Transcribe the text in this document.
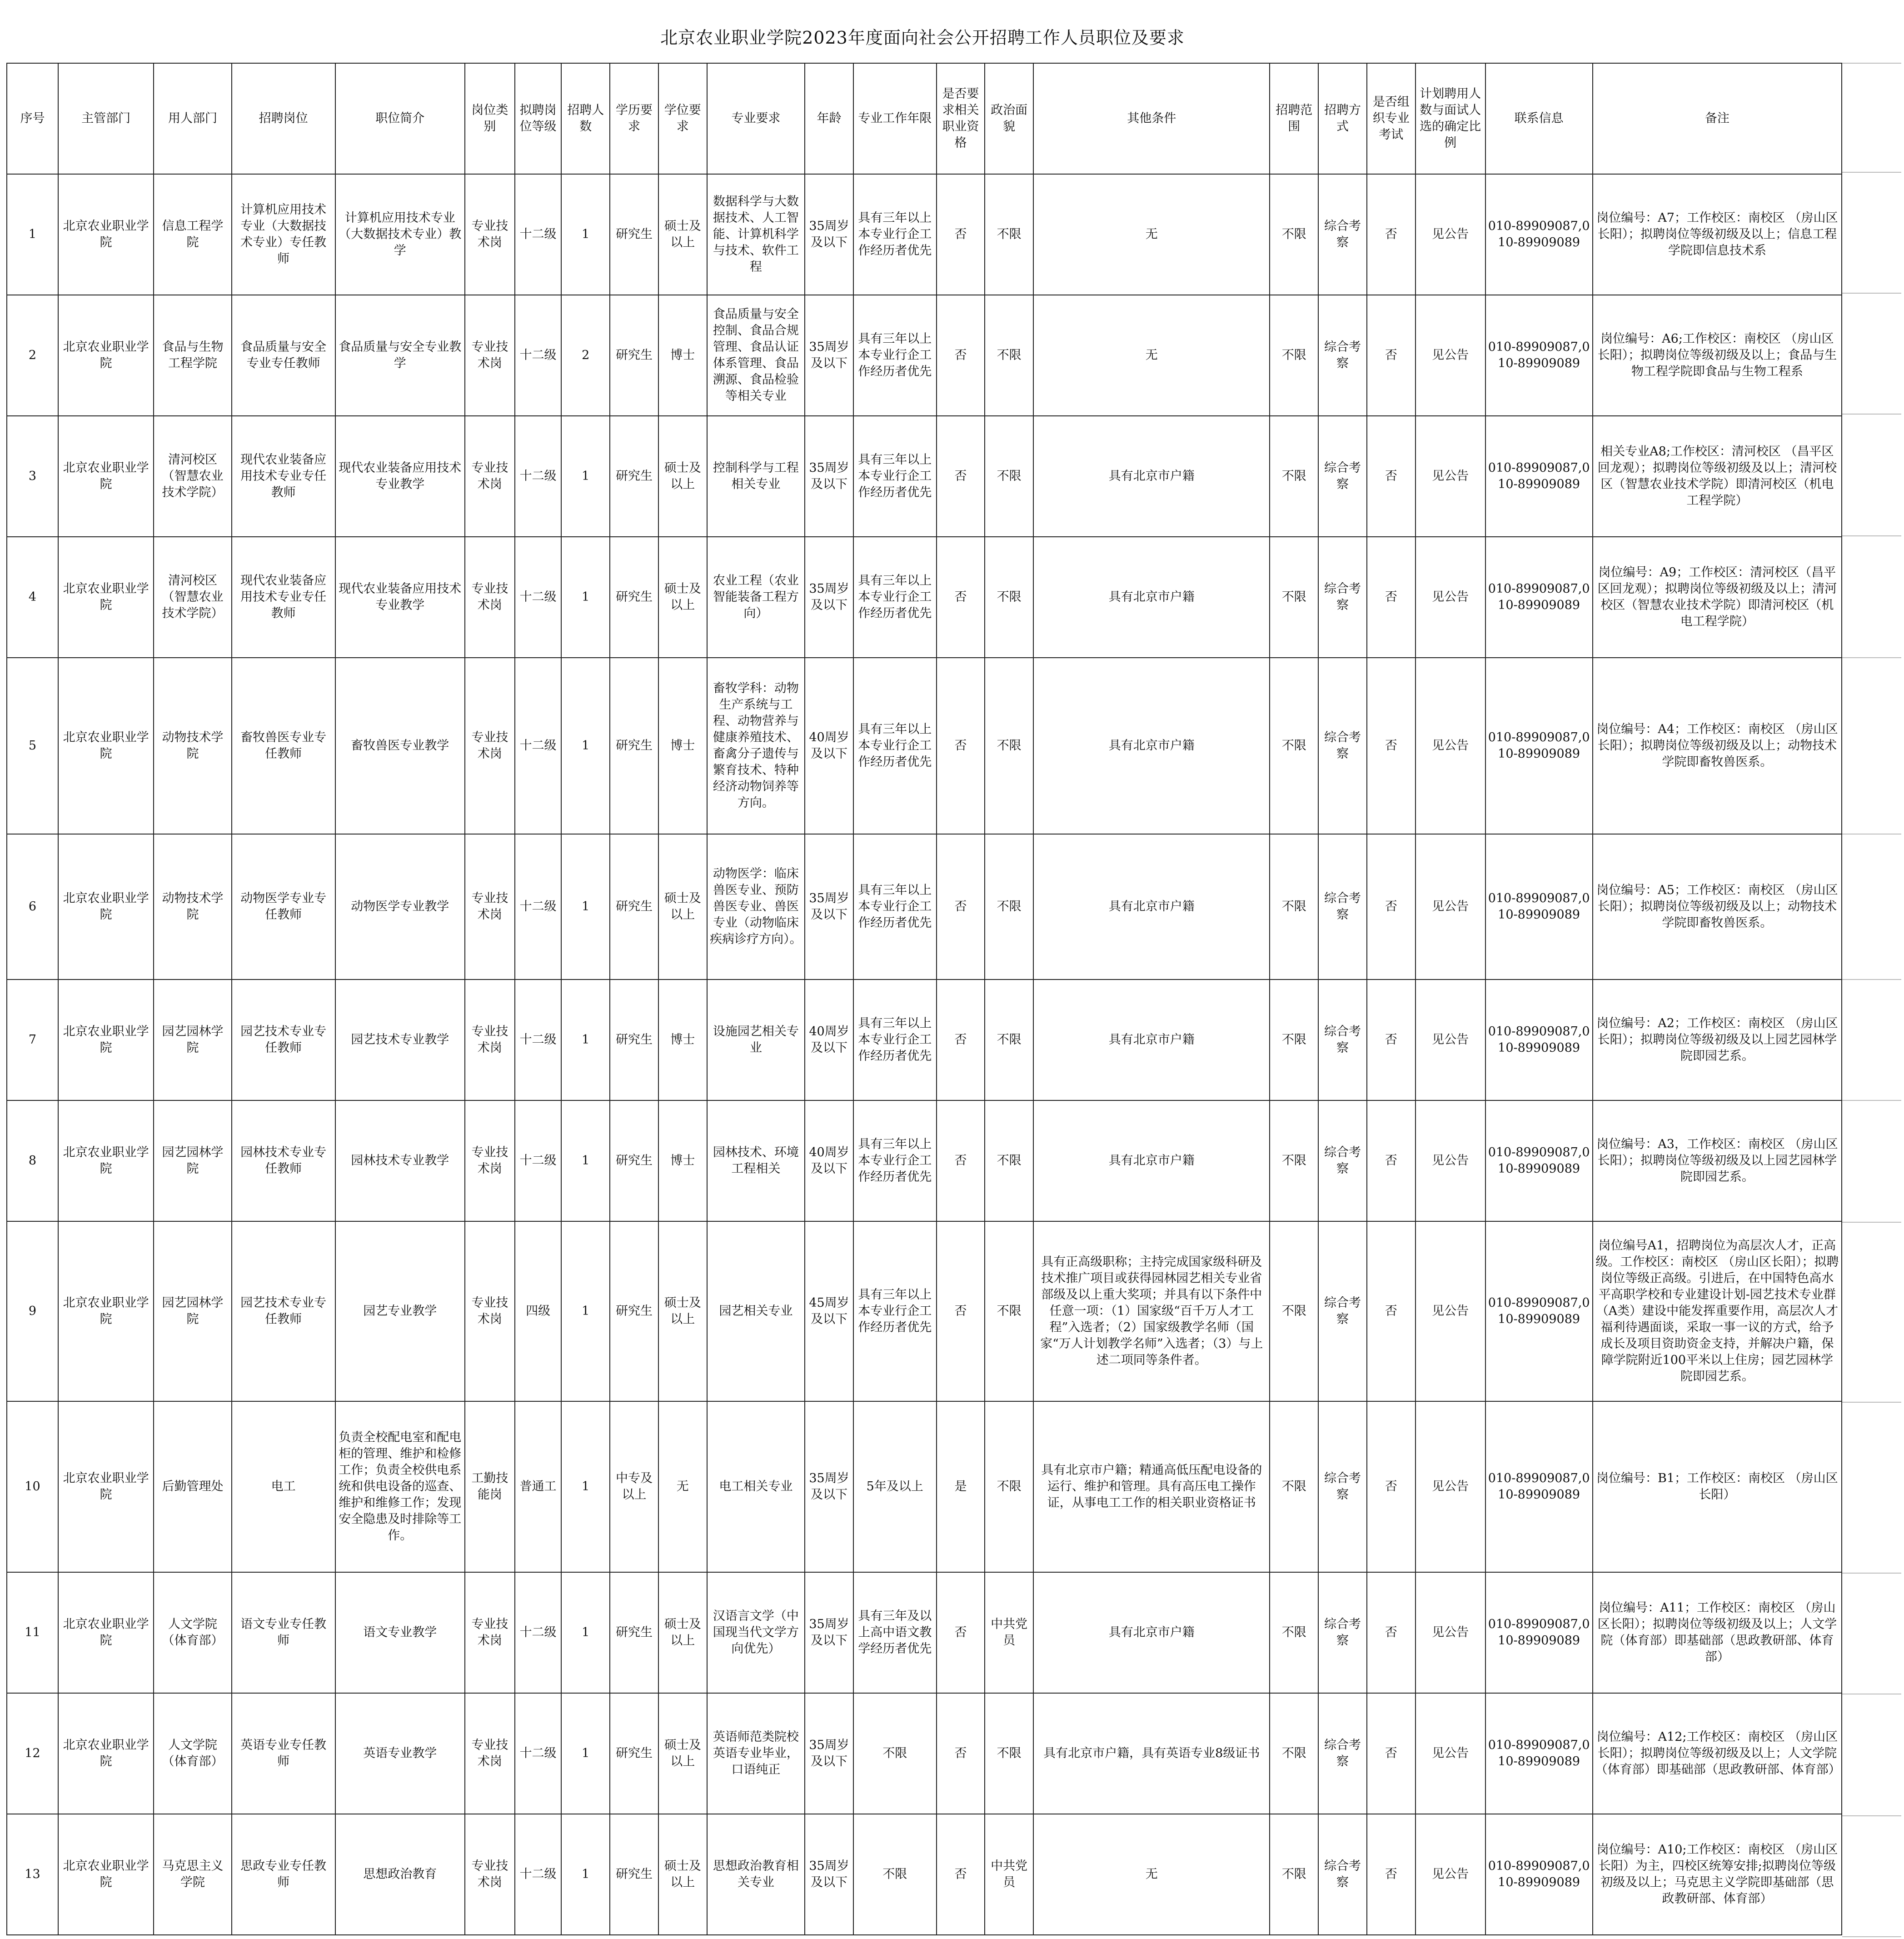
北京农业职业学院2023年度面向社会公开招聘工作人员职位及要求
序号	主管部门	用人部门	招聘岗位	职位简介	岗位类别	拟聘岗位等级	招聘人数	学历要求	学位要求	专业要求	年龄	专业工作年限	是否要求相关职业资格	政治面貌	其他条件	招聘范围	招聘方式	是否组织专业考试	计划聘用人数与面试人选的确定比例	联系信息	备注
1	北京农业职业学院	信息工程学院	计算机应用技术专业（大数据技术专业）专任教师	计算机应用技术专业（大数据技术专业）教学	专业技术岗	十二级	1	研究生	硕士及以上	数据科学与大数据技术、人工智能、计算机科学与技术、软件工程	35周岁及以下	具有三年以上本专业行企工作经历者优先	否	不限	无	不限	综合考察	否	见公告	010-89909087,010-89909089	岗位编号：A7；工作校区：南校区 （房山区长阳）；拟聘岗位等级初级及以上；信息工程学院即信息技术系
2	北京农业职业学院	食品与生物工程学院	食品质量与安全专业专任教师	食品质量与安全专业教学	专业技术岗	十二级	2	研究生	博士	食品质量与安全控制、食品合规管理、食品认证体系管理、食品溯源、食品检验等相关专业	35周岁及以下	具有三年以上本专业行企工作经历者优先	否	不限	无	不限	综合考察	否	见公告	010-89909087,010-89909089	岗位编号：A6;工作校区：南校区 （房山区长阳）；拟聘岗位等级初级及以上；食品与生物工程学院即食品与生物工程系
3	北京农业职业学院	清河校区（智慧农业技术学院）	现代农业装备应用技术专业专任教师	现代农业装备应用技术专业教学	专业技术岗	十二级	1	研究生	硕士及以上	控制科学与工程相关专业	35周岁及以下	具有三年以上本专业行企工作经历者优先	否	不限	具有北京市户籍	不限	综合考察	否	见公告	010-89909087,010-89909089	相关专业A8;工作校区：清河校区 （昌平区回龙观）；拟聘岗位等级初级及以上；清河校区（智慧农业技术学院）即清河校区（机电工程学院）
4	北京农业职业学院	清河校区（智慧农业技术学院）	现代农业装备应用技术专业专任教师	现代农业装备应用技术专业教学	专业技术岗	十二级	1	研究生	硕士及以上	农业工程（农业智能装备工程方向）	35周岁及以下	具有三年以上本专业行企工作经历者优先	否	不限	具有北京市户籍	不限	综合考察	否	见公告	010-89909087,010-89909089	岗位编号：A9；工作校区：清河校区（昌平区回龙观）；拟聘岗位等级初级及以上；清河校区（智慧农业技术学院）即清河校区（机电工程学院）
5	北京农业职业学院	动物技术学院	畜牧兽医专业专任教师	畜牧兽医专业教学	专业技术岗	十二级	1	研究生	博士	畜牧学科：动物生产系统与工程、动物营养与健康养殖技术、畜禽分子遗传与繁育技术、特种经济动物饲养等方向。	40周岁及以下	具有三年以上本专业行企工作经历者优先	否	不限	具有北京市户籍	不限	综合考察	否	见公告	010-89909087,010-89909089	岗位编号：A4；工作校区：南校区 （房山区长阳）；拟聘岗位等级初级及以上；动物技术学院即畜牧兽医系。
6	北京农业职业学院	动物技术学院	动物医学专业专任教师	动物医学专业教学	专业技术岗	十二级	1	研究生	硕士及以上	动物医学：临床兽医专业、预防兽医专业、兽医专业（动物临床疾病诊疗方向）。	35周岁及以下	具有三年以上本专业行企工作经历者优先	否	不限	具有北京市户籍	不限	综合考察	否	见公告	010-89909087,010-89909089	岗位编号：A5；工作校区：南校区 （房山区长阳）；拟聘岗位等级初级及以上；动物技术学院即畜牧兽医系。
7	北京农业职业学院	园艺园林学院	园艺技术专业专任教师	园艺技术专业教学	专业技术岗	十二级	1	研究生	博士	设施园艺相关专业	40周岁及以下	具有三年以上本专业行企工作经历者优先	否	不限	具有北京市户籍	不限	综合考察	否	见公告	010-89909087,010-89909089	岗位编号：A2；工作校区：南校区 （房山区长阳）；拟聘岗位等级初级及以上园艺园林学院即园艺系。
8	北京农业职业学院	园艺园林学院	园林技术专业专任教师	园林技术专业教学	专业技术岗	十二级	1	研究生	博士	园林技术、环境工程相关	40周岁及以下	具有三年以上本专业行企工作经历者优先	否	不限	具有北京市户籍	不限	综合考察	否	见公告	010-89909087,010-89909089	岗位编号：A3，工作校区：南校区 （房山区长阳）；拟聘岗位等级初级及以上园艺园林学院即园艺系。
9	北京农业职业学院	园艺园林学院	园艺技术专业专任教师	园艺专业教学	专业技术岗	四级	1	研究生	硕士及以上	园艺相关专业	45周岁及以下	具有三年以上本专业行企工作经历者优先	否	不限	具有正高级职称；主持完成国家级科研及技术推广项目或获得园林园艺相关专业省部级及以上重大奖项；并具有以下条件中任意一项：（1）国家级“百千万人才工程”入选者；（2）国家级教学名师（国家“万人计划教学名师”入选者；（3）与上述二项同等条件者。	不限	综合考察	否	见公告	010-89909087,010-89909089	岗位编号A1，招聘岗位为高层次人才，正高级。工作校区：南校区 （房山区长阳）；拟聘岗位等级正高级。引进后，在中国特色高水平高职学校和专业建设计划-园艺技术专业群（A类）建设中能发挥重要作用，高层次人才福利待遇面谈，采取一事一议的方式，给予成长及项目资助资金支持，并解决户籍，保障学院附近100平米以上住房；园艺园林学院即园艺系。
10	北京农业职业学院	后勤管理处	电工	负责全校配电室和配电柜的管理、维护和检修工作；负责全校供电系统和供电设备的巡查、维护和维修工作；发现安全隐患及时排除等工作。	工勤技能岗	普通工	1	中专及以上	无	电工相关专业	35周岁及以下	5年及以上	是	不限	具有北京市户籍；精通高低压配电设备的运行、维护和管理。具有高压电工操作证，从事电工工作的相关职业资格证书	不限	综合考察	否	见公告	010-89909087,010-89909089	岗位编号：B1；工作校区：南校区 （房山区长阳）
11	北京农业职业学院	人文学院（体育部）	语文专业专任教师	语文专业教学	专业技术岗	十二级	1	研究生	硕士及以上	汉语言文学（中国现当代文学方向优先）	35周岁及以下	具有三年及以上高中语文教学经历者优先	否	中共党员	具有北京市户籍	不限	综合考察	否	见公告	010-89909087,010-89909089	岗位编号：A11；工作校区：南校区 （房山区长阳）；拟聘岗位等级初级及以上；人文学院（体育部）即基础部（思政教研部、体育部）
12	北京农业职业学院	人文学院（体育部）	英语专业专任教师	英语专业教学	专业技术岗	十二级	1	研究生	硕士及以上	英语师范类院校英语专业毕业，口语纯正	35周岁及以下	不限	否	不限	具有北京市户籍，具有英语专业8级证书	不限	综合考察	否	见公告	010-89909087,010-89909089	岗位编号：A12;工作校区：南校区 （房山区长阳）；拟聘岗位等级初级及以上；人文学院（体育部）即基础部（思政教研部、体育部）
13	北京农业职业学院	马克思主义学院	思政专业专任教师	思想政治教育	专业技术岗	十二级	1	研究生	硕士及以上	思想政治教育相关专业	35周岁及以下	不限	否	中共党员	无	不限	综合考察	否	见公告	010-89909087,010-89909089	岗位编号：A10;工作校区：南校区 （房山区长阳）为主，四校区统筹安排;拟聘岗位等级初级及以上；马克思主义学院即基础部（思政教研部、体育部）
